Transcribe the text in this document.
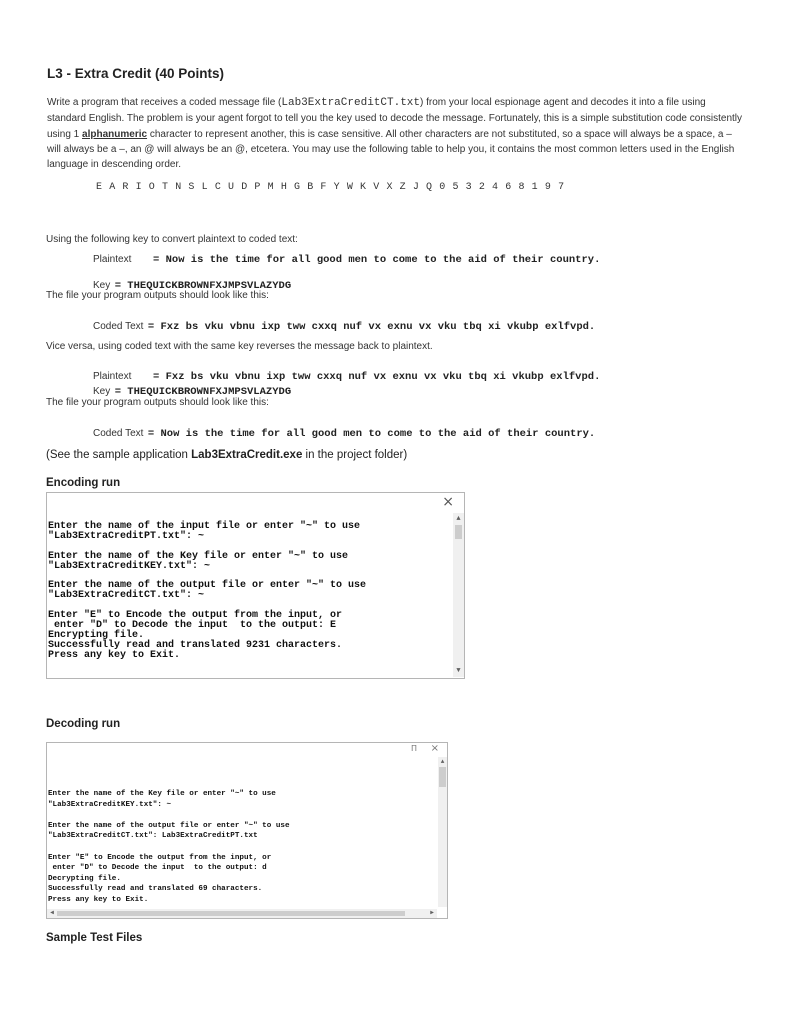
L3 - Extra Credit (40 Points)
Write a program that receives a coded message file (Lab3ExtraCreditCT.txt) from your local espionage agent and decodes it into a file using standard English. The problem is your agent forgot to tell you the key used to decode the message. Fortunately, this is a simple substitution code consistently using 1 alphanumeric character to represent another, this is case sensitive. All other characters are not substituted, so a space will always be a space, a – will always be a –, an @ will always be an @, etcetera. You may use the following table to help you, it contains the most common letters used in the English language in descending order.
E A R I O T N S L C U D P M H G B F Y W K V X Z J Q 0 5 3 2 4 6 8 1 9 7
Using the following key to convert plaintext to coded text:
Plaintext = Now is the time for all good men to come to the aid of their country.
Key = THEQUICKBROWNFXJMPSVLAZYDG
The file your program outputs should look like this:
Coded Text = Fxz bs vku vbnu ixp tww cxxq nuf vx exnu vx vku tbq xi vkubp exlfvpd.
Vice versa, using coded text with the same key reverses the message back to plaintext.
Plaintext = Fxz bs vku vbnu ixp tww cxxq nuf vx exnu vx vku tbq xi vkubp exlfvpd.
Key = THEQUICKBROWNFXJMPSVLAZYDG
The file your program outputs should look like this:
Coded Text = Now is the time for all good men to come to the aid of their country.
(See the sample application Lab3ExtraCredit.exe in the project folder)
Encoding run
×
Enter the name of the input file or enter "~" to use
"Lab3ExtraCreditPT.txt": ~

Enter the name of the Key file or enter "~" to use
"Lab3ExtraCreditKEY.txt": ~

Enter the name of the output file or enter "~" to use
"Lab3ExtraCreditCT.txt": ~

Enter "E" to Encode the output from the input, or
enter "D" to Decode the input  to the output: E
Encrypting file.
Successfully read and translated 9231 characters.
Press any key to Exit.
▲
▼
Decoding run
Π ×
Enter the name of the Key file or enter "~" to use
"Lab3ExtraCreditKEY.txt": ~

Enter the name of the output file or enter "~" to use
"Lab3ExtraCreditCT.txt": Lab3ExtraCreditPT.txt

Enter "E" to Encode the output from the input, or
enter "D" to Decode the input  to the output: d
Decrypting file.
Successfully read and translated 69 characters.
Press any key to Exit.
▲
◀	▶
Sample Test Files
